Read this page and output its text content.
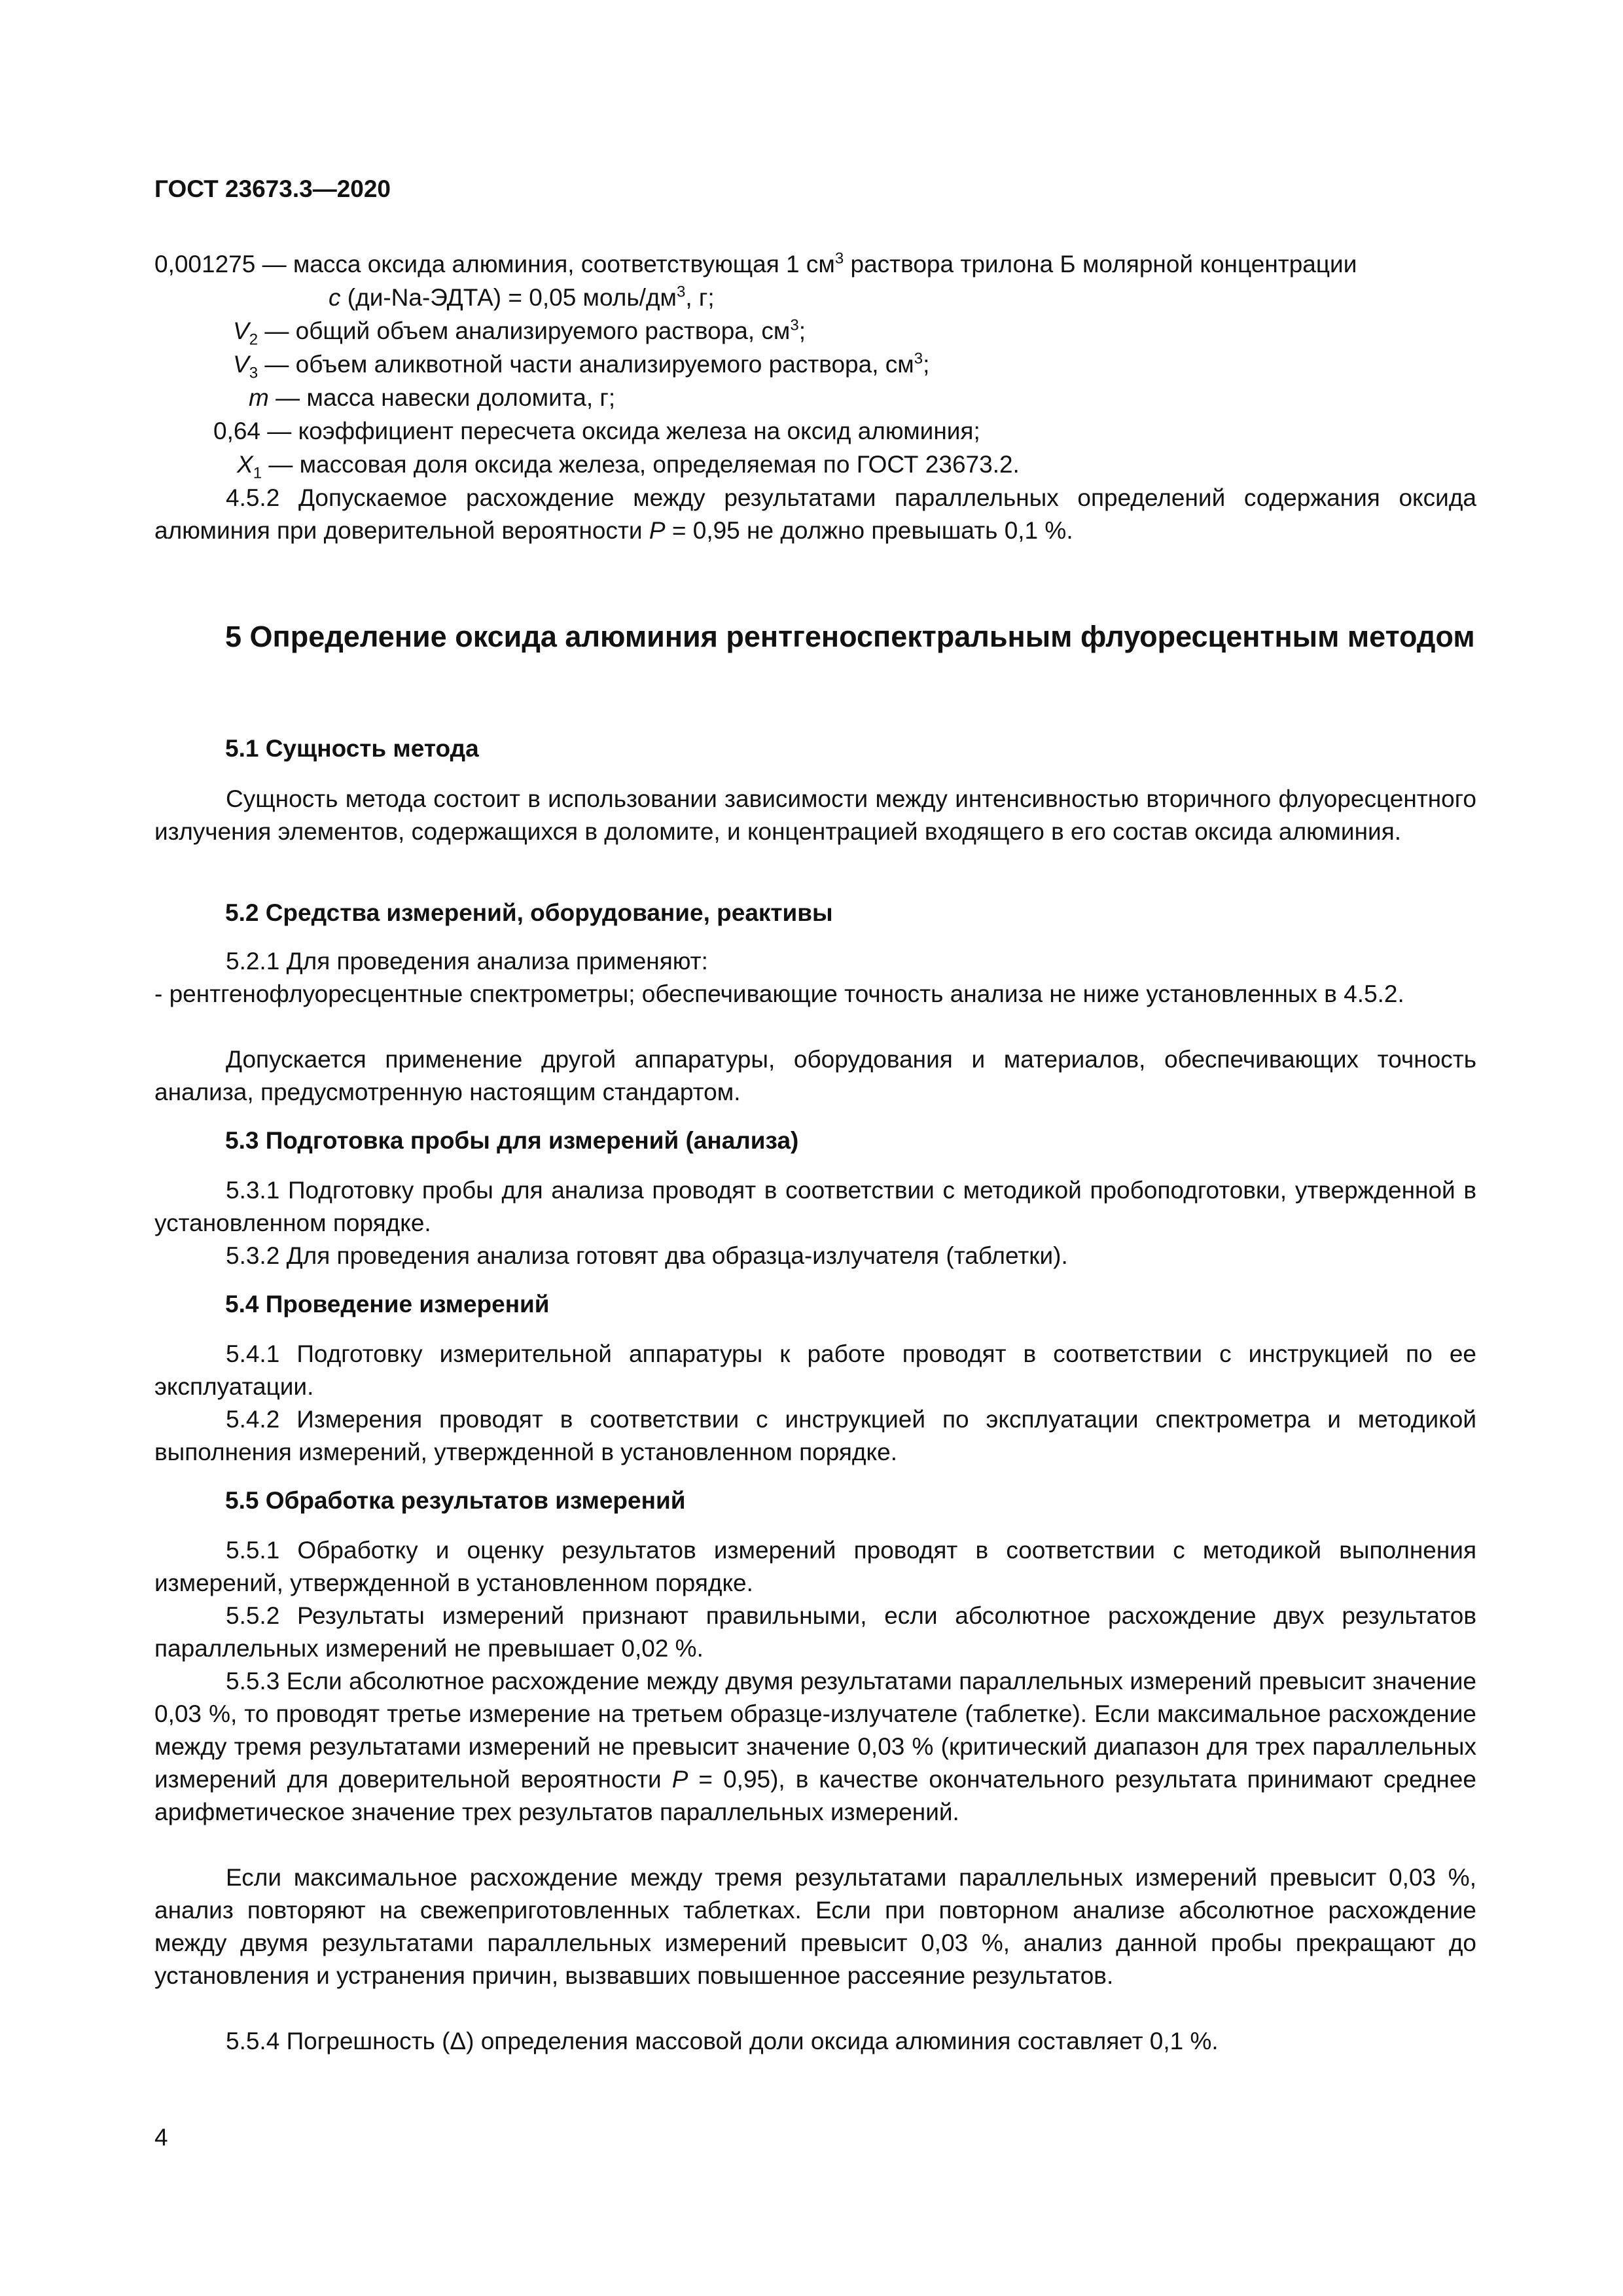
ГОСТ 23673.3—2020
0,001275 — масса оксида алюминия, соответствующая 1 $см^3$ раствора трилона Б молярной концентрации
с (ди-Na-ЭДТА) = 0,05 моль/$дм^3$, г;
$V_2$ — общий объем анализируемого раствора, $см^3$;
$V_3$ — объем аликвотной части анализируемого раствора, $см^3$;
m — масса навески доломита, г;
0,64 — коэффициент пересчета оксида железа на оксид алюминия;
$X_1$ — массовая доля оксида железа, определяемая по ГОСТ 23673.2.

4.5.2 Допускаемое расхождение между результатами параллельных определений содержания оксида алюминия при доверительной вероятности Р = 0,95 не должно превышать 0,1 %.

5 Определение оксида алюминия рентгеноспектральным флуоресцентным методом
5.1 Сущность метода

Сущность метода состоит в использовании зависимости между интенсивностью вторичного флуоресцентного излучения элементов, содержащихся в доломите, и концентрацией входящего в его состав оксида алюминия.

5.2 Средства измерений, оборудование, реактивы

5.2.1 Для проведения анализа применяют:

- рентгенофлуоресцентные спектрометры; обеспечивающие точность анализа не ниже установленных в 4.5.2.

Допускается применение другой аппаратуры, оборудования и материалов, обеспечивающих точность анализа, предусмотренную настоящим стандартом.

5.3 Подготовка пробы для измерений (анализа)

5.3.1 Подготовку пробы для анализа проводят в соответствии с методикой пробоподготовки, утвержденной в установленном порядке.

5.3.2 Для проведения анализа готовят два образца-излучателя (таблетки).

5.4 Проведение измерений

5.4.1 Подготовку измерительной аппаратуры к работе проводят в соответствии с инструкцией по ее эксплуатации.

5.4.2 Измерения проводят в соответствии с инструкцией по эксплуатации спектрометра и методикой выполнения измерений, утвержденной в установленном порядке.

5.5 Обработка результатов измерений

5.5.1 Обработку и оценку результатов измерений проводят в соответствии с методикой выполнения измерений, утвержденной в установленном порядке.

5.5.2 Результаты измерений признают правильными, если абсолютное расхождение двух результатов параллельных измерений не превышает 0,02 %.

5.5.3 Если абсолютное расхождение между двумя результатами параллельных измерений превысит значение 0,03 %, то проводят третье измерение на третьем образце-излучателе (таблетке). Если максимальное расхождение между тремя результатами измерений не превысит значение 0,03 % (критический диапазон для трех параллельных измерений для доверительной вероятности Р = 0,95), в качестве окончательного результата принимают среднее арифметическое значение трех результатов параллельных измерений.

Если максимальное расхождение между тремя результатами параллельных измерений превысит 0,03 %, анализ повторяют на свежеприготовленных таблетках. Если при повторном анализе абсолютное расхождение между двумя результатами параллельных измерений превысит 0,03 %, анализ данной пробы прекращают до установления и устранения причин, вызвавших повышенное рассеяние результатов.

5.5.4 Погрешность (Δ) определения массовой доли оксида алюминия составляет 0,1 %.

4
